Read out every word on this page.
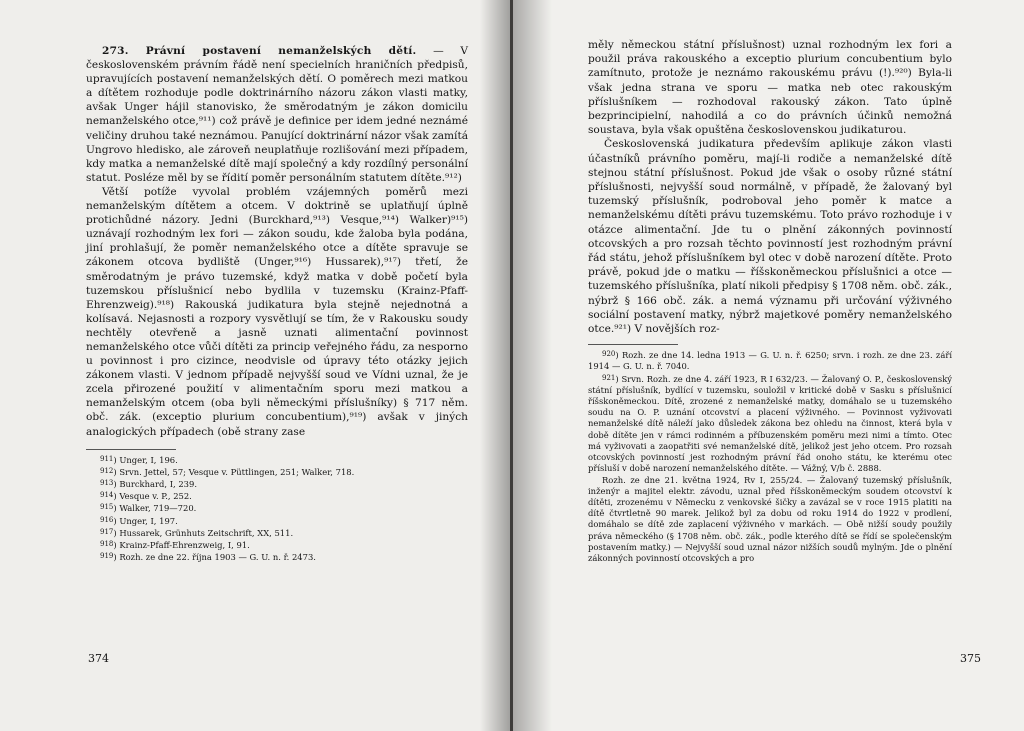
273. Právní postavení nemanželských dětí. — V československém právním řádě není specielních hraničních předpisů, upravujících postavení nemanželských dětí. O poměrech mezi matkou a dítětem rozhoduje podle doktrinárního názoru zákon vlasti matky, avšak Unger hájil stanovisko, že směrodatným je zákon domicilu nemanželského otce,⁹¹¹) což právě je definice per idem jedné neznámé veličiny druhou také neznámou. Panující doktrinární názor však zamítá Ungrovo hledisko, ale zároveň neuplatňuje rozlišování mezi případem, kdy matka a nemanželské dítě mají společný a kdy rozdílný personální statut. Posléze měl by se řídití poměr personálním statutem dítěte.⁹¹²)

Větší potíže vyvolal problém vzájemných poměrů mezi nemanželským dítětem a otcem. V doktrině se uplatňují úplně protichůdné názory. Jedni (Burckhard,⁹¹³) Vesque,⁹¹⁴) Walker)⁹¹⁵) uznávají rozhodným lex fori — zákon soudu, kde žaloba byla podána, jiní prohlašují, že poměr nemanželského otce a dítěte spravuje se zákonem otcova bydliště (Unger,⁹¹⁶) Hussarek),⁹¹⁷) třetí, že směrodatným je právo tuzemské, když matka v době početí byla tuzemskou příslušnicí nebo bydlila v tuzemsku (Krainz-Pfaff-Ehrenzweig).⁹¹⁸) Rakouská judikatura byla stejně nejednotná a kolísavá. Nejasnosti a rozpory vysvětlují se tím, že v Rakousku soudy nechtěly otevřeně a jasně uznati alimentační povinnost nemanželského otce vůči dítěti za princip veřejného řádu, za nesporno u povinnost i pro cizince, neodvisle od úpravy této otázky jejich zákonem vlasti. V jednom případě nejvyšší soud ve Vídni uznal, že je zcela přirozené použití v alimentačním sporu mezi matkou a nemanželským otcem (oba byli německými příslušníky) § 717 něm. obč. zák. (exceptio plurium concubentium),⁹¹⁹) avšak v jiných analogických případech (obě strany zase

$^{911}$) Unger, I, 196.
$^{912}$) Srvn. Jettel, 57; Vesque v. Püttlingen, 251; Walker, 718.
$^{913}$) Burckhard, I, 239.
$^{914}$) Vesque v. P., 252.
$^{915}$) Walker, 719—720.
$^{916}$) Unger, I, 197.
$^{917}$) Hussarek, Grünhuts Zeitschrift, XX, 511.
$^{918}$) Krainz-Pfaff-Ehrenzweig, I, 91.
$^{919}$) Rozh. ze dne 22. října 1903 — G. U. n. ř. 2473.
374

měly německou státní příslušnost) uznal rozhodným lex fori a použil práva rakouského a exceptio plurium concubentium bylo zamítnuto, protože je neznámo rakouskému právu (!).⁹²⁰) Byla-li však jedna strana ve sporu — matka neb otec rakouským příslušníkem — rozhodoval rakouský zákon. Tato úplně bezprincipielní, nahodilá a co do právních účinků nemožná soustava, byla však opuštěna československou judikaturou.

Československá judikatura především aplikuje zákon vlasti účastníků právního poměru, mají-li rodiče a nemanželské dítě stejnou státní příslušnost. Pokud jde však o osoby různé státní příslušnosti, nejvyšší soud normálně, v případě, že žalovaný byl tuzemský příslušník, podroboval jeho poměr k matce a nemanželskému dítěti právu tuzemskému. Toto právo rozhoduje i v otázce alimentační. Jde tu o plnění zákonných povinností otcovských a pro rozsah těchto povinností jest rozhodným právní řád státu, jehož příslušníkem byl otec v době narození dítěte. Proto právě, pokud jde o matku — říšskoněmeckou příslušnici a otce — tuzemského příslušníka, platí nikoli předpisy § 1708 něm. obč. zák., nýbrž § 166 obč. zák. a nemá významu při určování výživného sociální postavení matky, nýbrž majetkové poměry nemanželského otce.⁹²¹) V novějších roz-

$^{920}$) Rozh. ze dne 14. ledna 1913 — G. U. n. ř. 6250; srvn. i rozh. ze dne 23. září 1914 — G. U. n. ř. 7040.
$^{921}$) Srvn. Rozh. ze dne 4. září 1923, R I 632/23. — Žalovaný O. P., československý státní příslušník, bydlící v tuzemsku, souložil v kritické době v Sasku s příslušnicí říšskoněmeckou. Dítě, zrozené z nemanželské matky, domáhalo se u tuzemského soudu na O. P. uznání otcovství a placení výživného. — Povinnost vyživovati nemanželské dítě náleží jako důsledek zákona bez ohledu na činnost, která byla v době dítěte jen v rámci rodinném a příbuzenském poměru mezi nimi a tímto. Otec má vyživovati a zaopatřiti své nemanželské dítě, jelikož jest jeho otcem. Pro rozsah otcovských povinností jest rozhodným právní řád onoho státu, ke kterému otec přísluší v době narození nemanželského dítěte. — Vážný, V/b č. 2888.
Rozh. ze dne 21. května 1924, Rv I, 255/24. — Žalovaný tuzemský příslušník, inženýr a majitel elektr. závodu, uznal před říšskoněmeckým soudem otcovství k dítěti, zrozenému v Německu z venkovské šičky a zavázal se v roce 1915 platiti na dítě čtvrtletně 90 marek. Jelikož byl za dobu od roku 1914 do 1922 v prodlení, domáhalo se dítě zde zaplacení výživného v markách. — Obě nižší soudy použily práva německého (§ 1708 něm. obč. zák., podle kterého dítě se řídí se společenským postavením matky.) — Nejvyšší soud uznal názor nižších soudů mylným. Jde o plnění zákonných povinností otcovských a pro
375
